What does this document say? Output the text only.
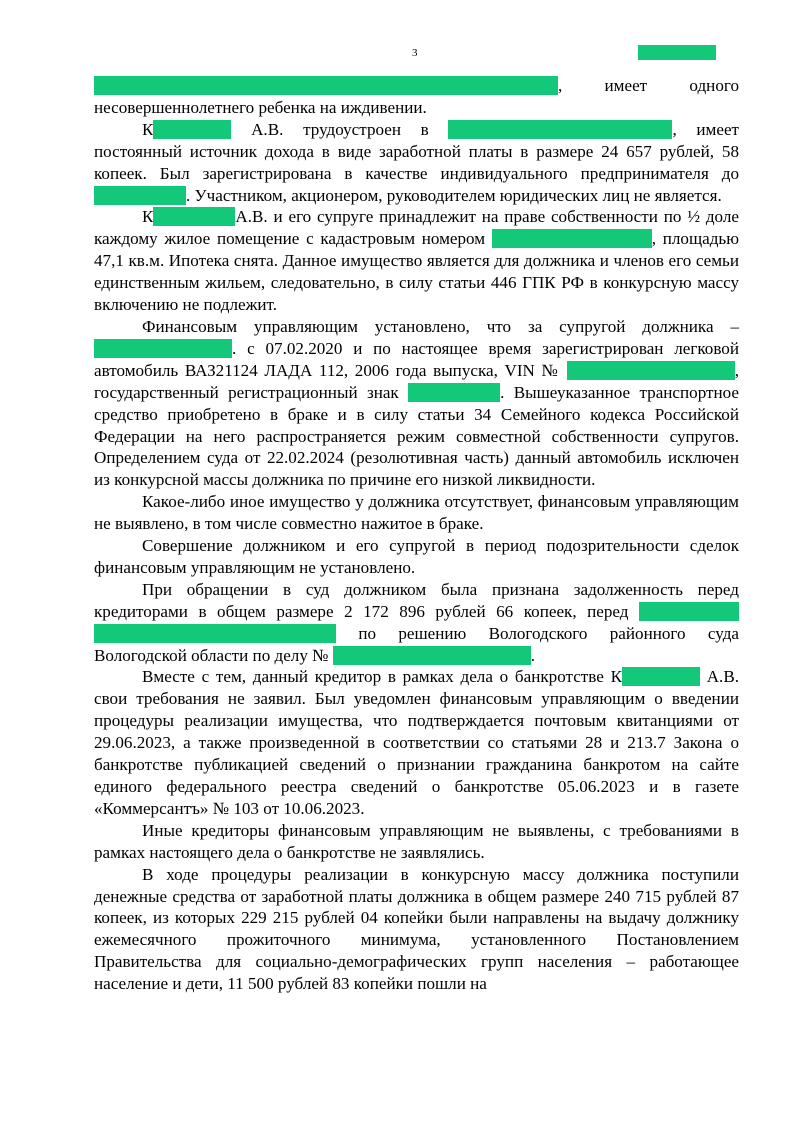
3

, имеет одного несовершеннолетнего ребенка на иждивении.

К	А.В. трудоустроен в	, имеет постоянный источник дохода в виде заработной платы в размере 24 657 рублей, 58 копеек. Был зарегистрирована в качестве индивидуального предпринимателя до . Участником, акционером, руководителем юридических лиц не является.

К	А.В. и его супруге принадлежит на праве собственности по ½ доле каждому жилое помещение с кадастровым номером	, площадью 47,1 кв.м. Ипотека снята. Данное имущество является для должника и членов его семьи единственным жильем, следовательно, в силу статьи 446 ГПК РФ в конкурсную массу включению не подлежит.

Финансовым управляющим установлено, что за супругой должника – . с 07.02.2020 и по настоящее время зарегистрирован легковой автомобиль ВАЗ21124 ЛАДА 112, 2006 года выпуска, VIN №	, государственный регистрационный знак	. Вышеуказанное транспортное средство приобретено в браке и в силу статьи 34 Семейного кодекса Российской Федерации на него распространяется режим совместной собственности супругов. Определением суда от 22.02.2024 (резолютивная часть) данный автомобиль исключен из конкурсной массы должника по причине его низкой ликвидности.

Какое-либо иное имущество у должника отсутствует, финансовым управляющим не выявлено, в том числе совместно нажитое в браке.

Совершение должником и его супругой в период подозрительности сделок финансовым управляющим не установлено.

При обращении в суд должником была признана задолженность перед кредиторами в общем размере 2 172 896 рублей 66 копеек, перед  по решению Вологодского районного суда Вологодской области по делу №	.

Вместе с тем, данный кредитор в рамках дела о банкротстве К	А.В. свои требования не заявил. Был уведомлен финансовым управляющим о введении процедуры реализации имущества, что подтверждается почтовым квитанциями от 29.06.2023, а также произведенной в соответствии со статьями 28 и 213.7 Закона о банкротстве публикацией сведений о признании гражданина банкротом на сайте единого федерального реестра сведений о банкротстве 05.06.2023 и в газете «Коммерсантъ» № 103 от 10.06.2023.

Иные кредиторы финансовым управляющим не выявлены, с требованиями в рамках настоящего дела о банкротстве не заявлялись.

В ходе процедуры реализации в конкурсную массу должника поступили денежные средства от заработной платы должника в общем размере 240 715 рублей 87 копеек, из которых 229 215 рублей 04 копейки были направлены на выдачу должнику ежемесячного прожиточного минимума, установленного Постановлением Правительства для социально-демографических групп населения – работающее население и дети, 11 500 рублей 83 копейки пошли на
